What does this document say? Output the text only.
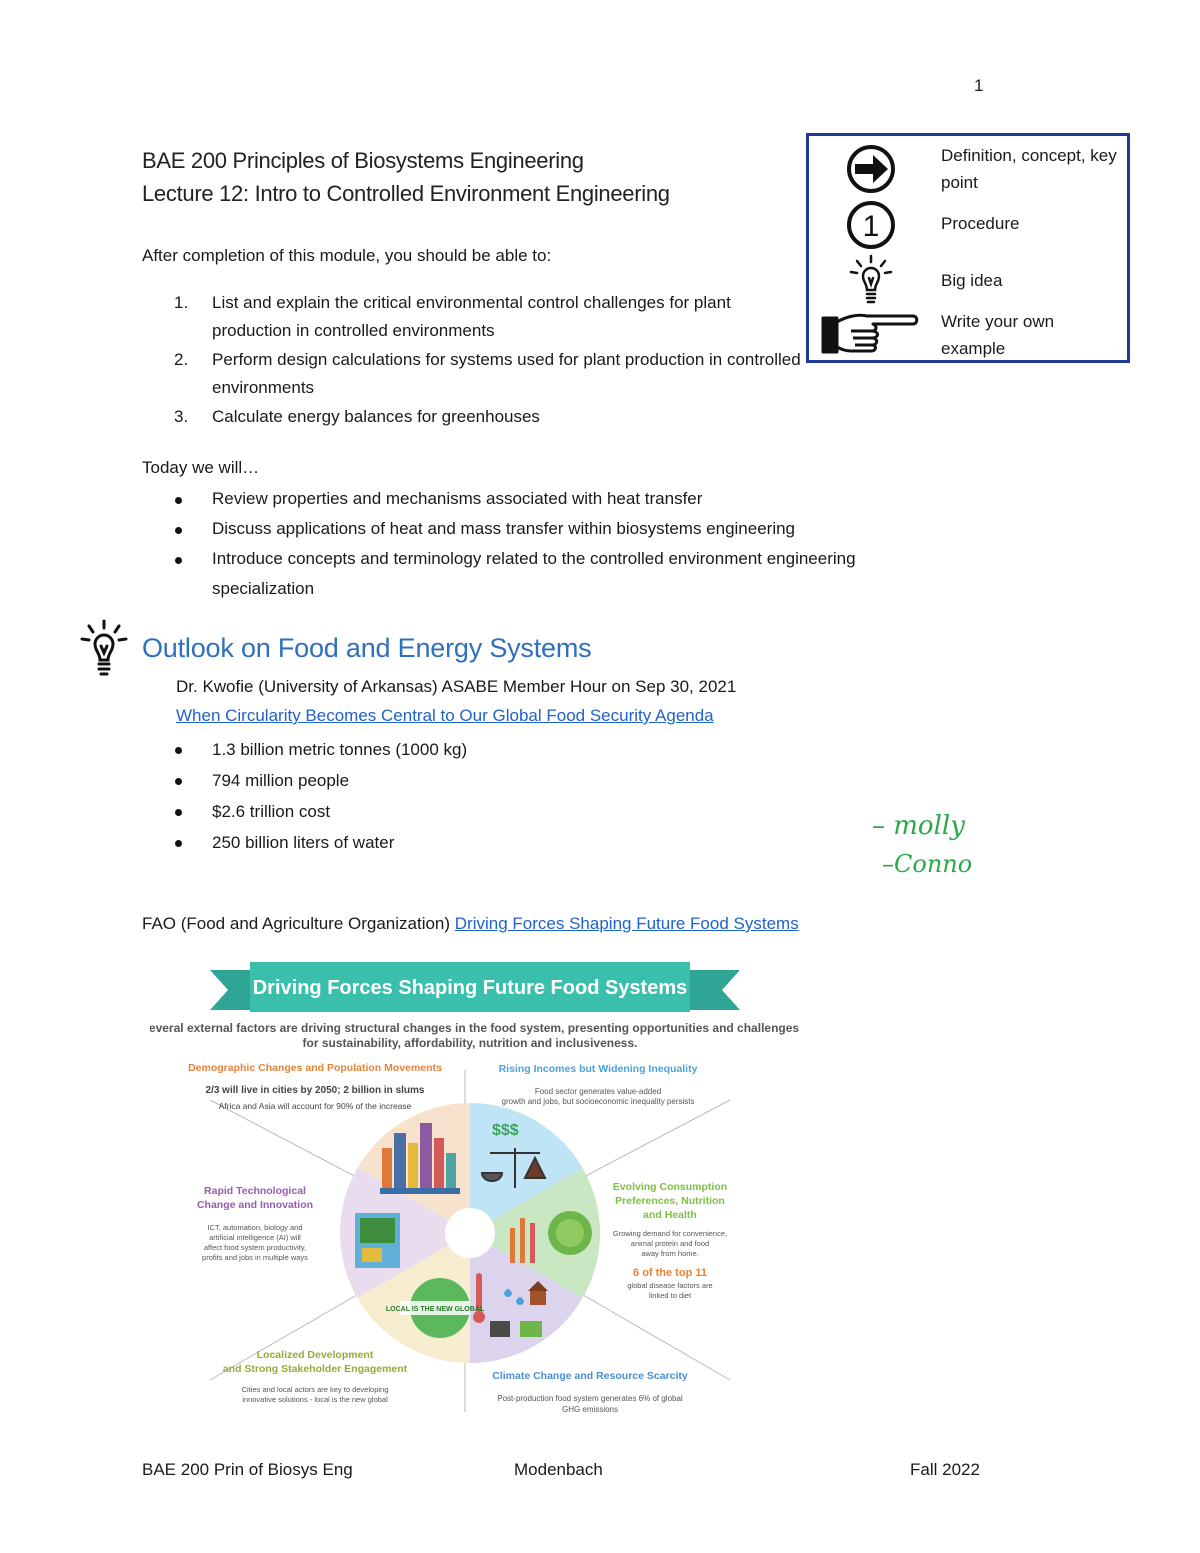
1
BAE 200 Principles of Biosystems Engineering
Lecture 12: Intro to Controlled Environment Engineering
Definition, concept, key point
1	Procedure
Big idea
Write your own example
After completion of this module, you should be able to:
1. List and explain the critical environmental control challenges for plant production in controlled environments
2. Perform design calculations for systems used for plant production in controlled environments
3. Calculate energy balances for greenhouses
Today we will…
Review properties and mechanisms associated with heat transfer
Discuss applications of heat and mass transfer within biosystems engineering
Introduce concepts and terminology related to the controlled environment engineering specialization
Outlook on Food and Energy Systems
Dr. Kwofie (University of Arkansas) ASABE Member Hour on Sep 30, 2021
When Circularity Becomes Central to Our Global Food Security Agenda
1.3 billion metric tonnes (1000 kg)
794 million people
$2.6 trillion cost
250 billion liters of water
– molly
–Conno
FAO (Food and Agriculture Organization) Driving Forces Shaping Future Food Systems
Driving Forces Shaping Future Food Systems
Several external factors are driving structural changes in the food system, presenting opportunities and challenges
for sustainability, affordability, nutrition and inclusiveness.
$$$
LOCAL IS THE NEW GLOBAL
Demographic Changes and Population Movements
2/3 will live in cities by 2050; 2 billion in slums
Africa and Asia will account for 90% of the increase
Rising Incomes but Widening Inequality
Food sector generates value-added
growth and jobs, but socioeconomic inequality persists
Rapid Technological
Change and Innovation
ICT, automation, biology and
artificial intelligence (AI) will
affect food system productivity,
profits and jobs in multiple ways
Evolving Consumption
Preferences, Nutrition
and Health
Growing demand for convenience,
animal protein and food
away from home.
6 of the top 11
global disease factors are
linked to diet
Localized Development
and Strong Stakeholder Engagement
Cities and local actors are key to developing
innovative solutions - local is the new global
Climate Change and Resource Scarcity
Post-production food system generates 6% of global
GHG emissions
BAE 200 Prin of Biosys Eng	Modenbach	Fall 2022
